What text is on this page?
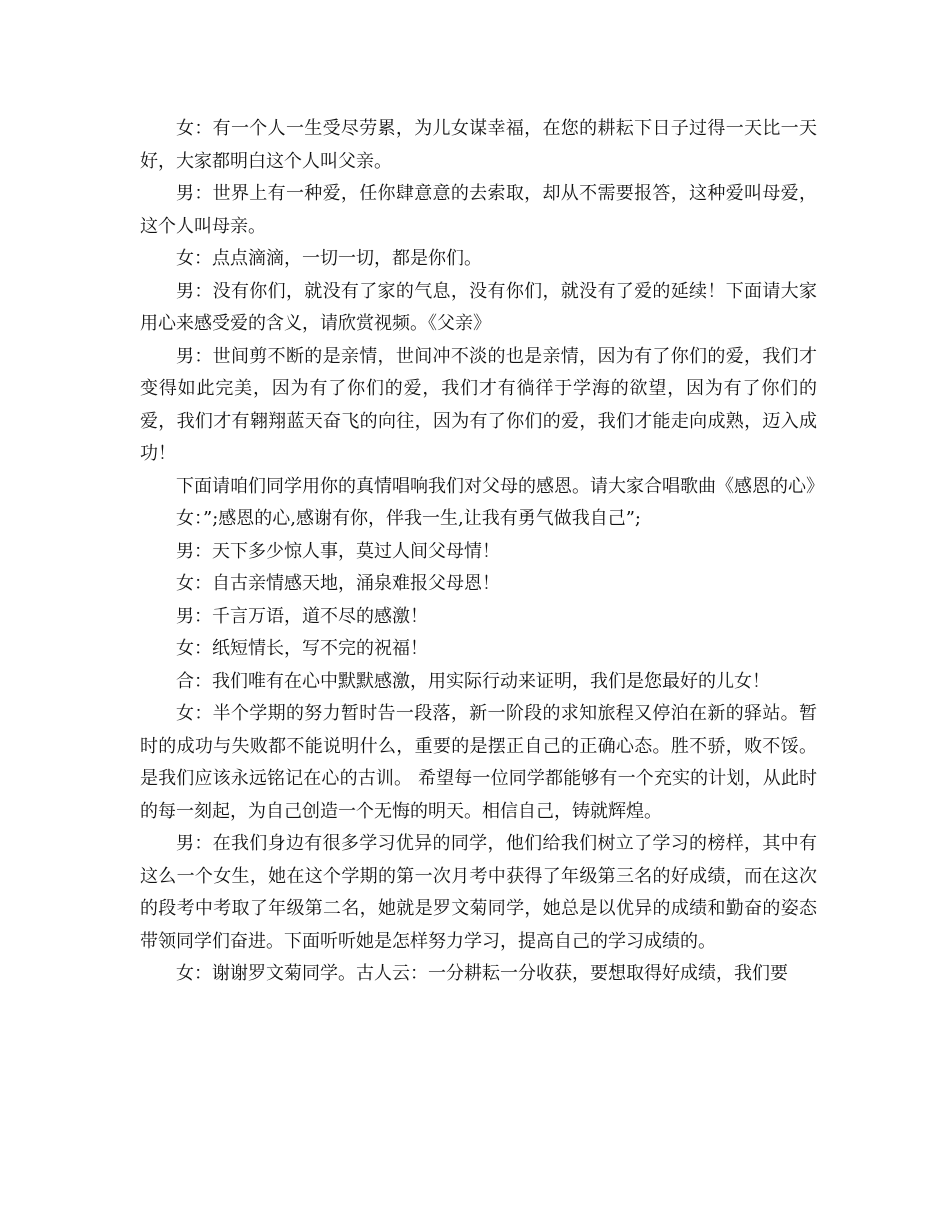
女：有一个人一生受尽劳累，为儿女谋幸福，在您的耕耘下日子过得一天比一天好，大家都明白这个人叫父亲。

男：世界上有一种爱，任你肆意意的去索取，却从不需要报答，这种爱叫母爱， 这个人叫母亲。

女：点点滴滴，一切一切，都是你们。

男：没有你们，就没有了家的气息，没有你们，就没有了爱的延续！下面请大家用心来感受爱的含义，请欣赏视频。《父亲》

男：世间剪不断的是亲情，世间冲不淡的也是亲情，因为有了你们的爱，我们才变得如此完美，因为有了你们的爱，我们才有徜徉于学海的欲望，因为有了你们的爱，我们才有翱翔蓝天奋飞的向往，因为有了你们的爱，我们才能走向成熟，迈入成功！

下面请咱们同学用你的真情唱响我们对父母的感恩。请大家合唱歌曲《感恩的心》

女：”;感恩的心,感谢有你，伴我一生,让我有勇气做我自己”;

男：天下多少惊人事，莫过人间父母情！

女：自古亲情感天地，涌泉难报父母恩！

男：千言万语，道不尽的感激！

女：纸短情长，写不完的祝福！

合：我们唯有在心中默默感激，用实际行动来证明，我们是您最好的儿女！

女：半个学期的努力暂时告一段落，新一阶段的求知旅程又停泊在新的驿站。暂时的成功与失败都不能说明什么，重要的是摆正自己的正确心态。胜不骄，败不馁。是我们应该永远铭记在心的古训。 希望每一位同学都能够有一个充实的计划，从此时的每一刻起，为自己创造一个无悔的明天。相信自己，铸就辉煌。

男：在我们身边有很多学习优异的同学，他们给我们树立了学习的榜样，其中有这么一个女生，她在这个学期的第一次月考中获得了年级第三名的好成绩，而在这次的段考中考取了年级第二名，她就是罗文菊同学，她总是以优异的成绩和勤奋的姿态带领同学们奋进。下面听听她是怎样努力学习，提高自己的学习成绩的。

女：谢谢罗文菊同学。古人云：一分耕耘一分收获，要想取得好成绩，我们要
